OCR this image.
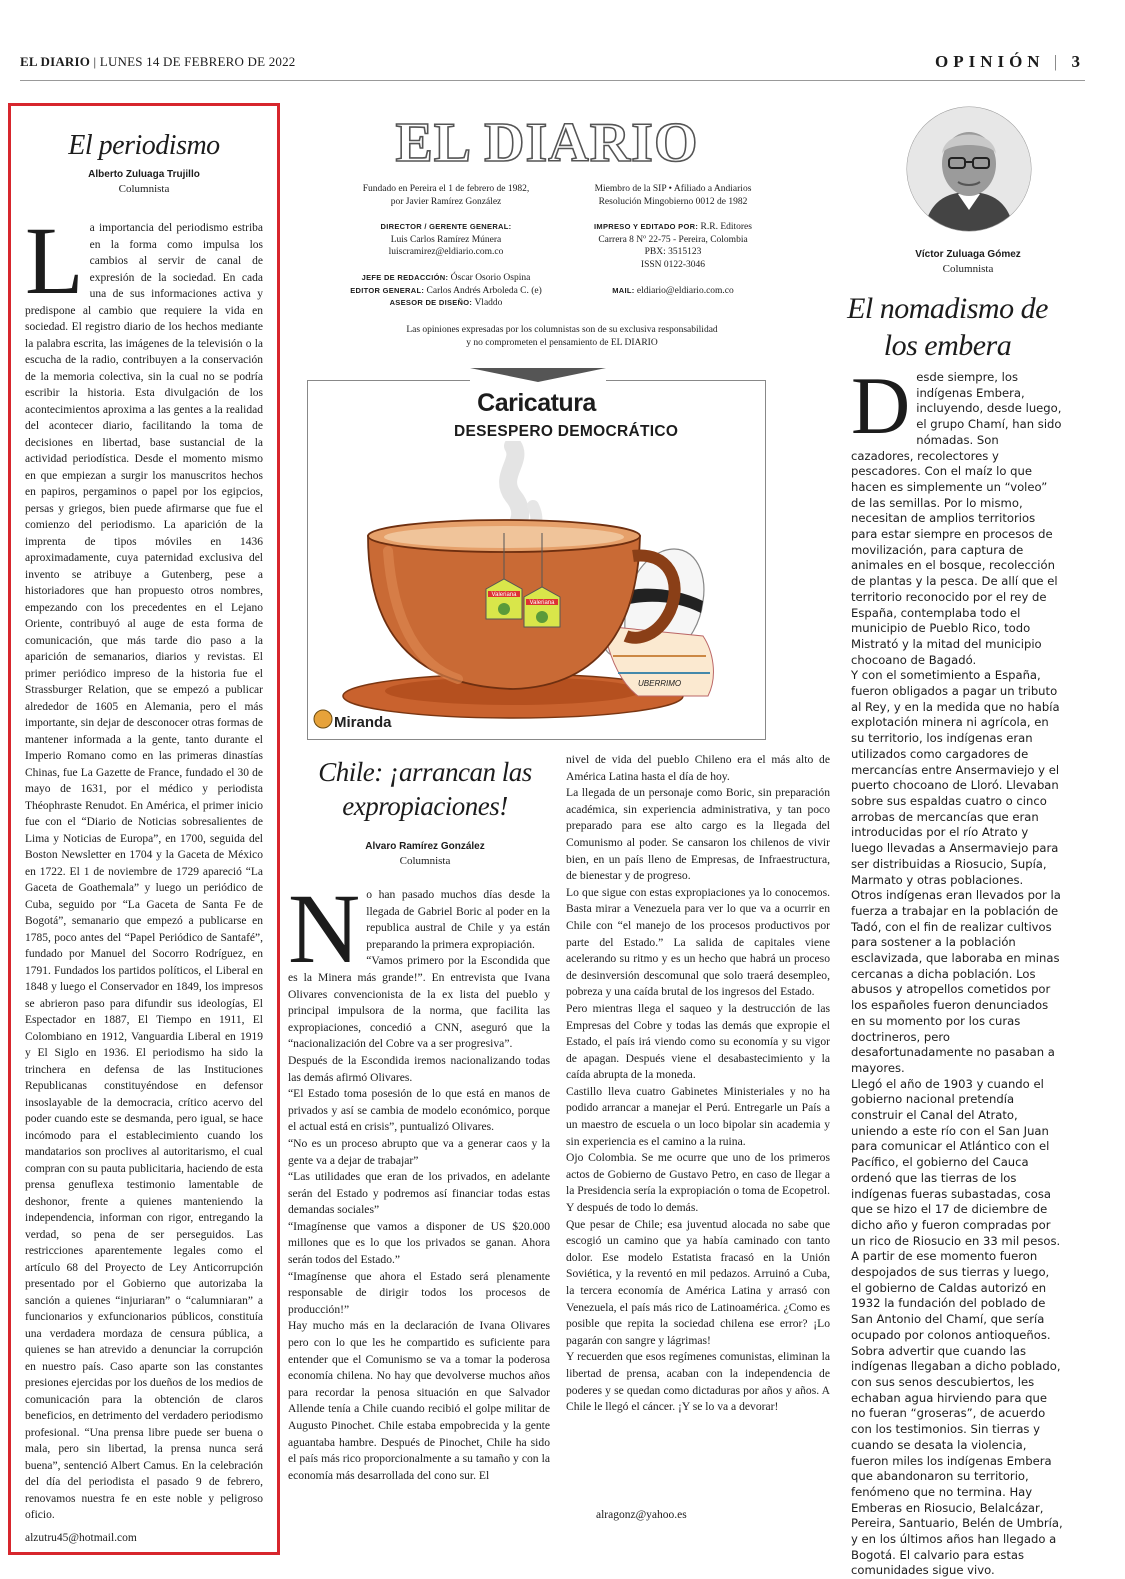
EL DIARIO | LUNES 14 DE FEBRERO DE 2022	OPINIÓN | 3
El periodismo
Alberto Zuluaga Trujillo
Columnista
La importancia del periodismo estriba en la forma como impulsa los cambios al servir de canal de expresión de la sociedad. En cada una de sus informaciones activa y predispone al cambio que requiere la vida en sociedad. El registro diario de los hechos mediante la palabra escrita, las imágenes de la televisión o la escucha de la radio, contribuyen a la conservación de la memoria colectiva, sin la cual no se podría escribir la historia. Esta divulgación de los acontecimientos aproxima a las gentes a la realidad del acontecer diario, facilitando la toma de decisiones en libertad, base sustancial de la actividad periodística. Desde el momento mismo en que empiezan a surgir los manuscritos hechos en papiros, pergaminos o papel por los egipcios, persas y griegos, bien puede afirmarse que fue el comienzo del periodismo. La aparición de la imprenta de tipos móviles en 1436 aproximadamente, cuya paternidad exclusiva del invento se atribuye a Gutenberg, pese a historiadores que han propuesto otros nombres, empezando con los precedentes en el Lejano Oriente, contribuyó al auge de esta forma de comunicación, que más tarde dio paso a la aparición de semanarios, diarios y revistas. El primer periódico impreso de la historia fue el Strassburger Relation, que se empezó a publicar alrededor de 1605 en Alemania, pero el más importante, sin dejar de desconocer otras formas de mantener informada a la gente, tanto durante el Imperio Romano como en las primeras dinastías Chinas, fue La Gazette de France, fundado el 30 de mayo de 1631, por el médico y periodista Théophraste Renudot. En América, el primer inicio fue con el “Diario de Noticias sobresalientes de Lima y Noticias de Europa”, en 1700, seguida del Boston Newsletter en 1704 y la Gaceta de México en 1722. El 1 de noviembre de 1729 apareció “La Gaceta de Goathemala” y luego un periódico de Cuba, seguido por “La Gaceta de Santa Fe de Bogotá”, semanario que empezó a publicarse en 1785, poco antes del “Papel Periódico de Santafé”, fundado por Manuel del Socorro Rodríguez, en 1791. Fundados los partidos políticos, el Liberal en 1848 y luego el Conservador en 1849, los impresos se abrieron paso para difundir sus ideologías, El Espectador en 1887, El Tiempo en 1911, El Colombiano en 1912, Vanguardia Liberal en 1919 y El Siglo en 1936. El periodismo ha sido la trinchera en defensa de las Instituciones Republicanas constituyéndose en defensor insoslayable de la democracia, crítico acervo del poder cuando este se desmanda, pero igual, se hace incómodo para el establecimiento cuando los mandatarios son proclives al autoritarismo, el cual compran con su pauta publicitaria, haciendo de esta prensa genuflexa testimonio lamentable de deshonor, frente a quienes manteniendo la independencia, informan con rigor, entregando la verdad, so pena de ser perseguidos. Las restricciones aparentemente legales como el artículo 68 del Proyecto de Ley Anticorrupción presentado por el Gobierno que autorizaba la sanción a quienes “injuriaran” o “calumniaran” a funcionarios y exfuncionarios públicos, constituía una verdadera mordaza de censura pública, a quienes se han atrevido a denunciar la corrupción en nuestro país. Caso aparte son las constantes presiones ejercidas por los dueños de los medios de comunicación para la obtención de claros beneficios, en detrimento del verdadero periodismo profesional. “Una prensa libre puede ser buena o mala, pero sin libertad, la prensa nunca será buena”, sentenció Albert Camus. En la celebración del día del periodista el pasado 9 de febrero, renovamos nuestra fe en este noble y peligroso oficio.
alzutru45@hotmail.com
EL DIARIO
Fundado en Pereira el 1 de febrero de 1982,
por Javier Ramírez González
DIRECTOR / GERENTE GENERAL:
Luis Carlos Ramírez Múnera
luiscramirez@eldiario.com.co
JEFE DE REDACCIÓN: Óscar Osorio Ospina
EDITOR GENERAL: Carlos Andrés Arboleda C. (e)
ASESOR DE DISEÑO: Vladdo
Miembro de la SIP • Afiliado a Andiarios
Resolución Mingobierno 0012 de 1982
IMPRESO Y EDITADO POR: R.R. Editores
Carrera 8 Nº 22-75 - Pereira, Colombia
PBX: 3515123
ISSN 0122-3046
MAIL: eldiario@eldiario.com.co
Las opiniones expresadas por los columnistas son de su exclusiva responsabilidad
y no comprometen el pensamiento de EL DIARIO
Caricatura
DESESPERO DEMOCRÁTICO
Valeriana
Valeriana
UBERRIMO
Miranda
Chile: ¡arrancan las
expropiaciones!
Alvaro Ramírez González
Columnista
No han pasado muchos días desde la llegada de Gabriel Boric al poder en la republica austral de Chile y ya están preparando la primera expropiación.
“Vamos primero por la Escondida que es la Minera más grande!”. En entrevista que Ivana Olivares convencionista de la ex lista del pueblo y principal impulsora de la norma, que facilita las expropiaciones, concedió a CNN, aseguró que la “nacionalización del Cobre va a ser progresiva”.
Después de la Escondida iremos nacionalizando todas las demás afirmó Olivares.
“El Estado toma posesión de lo que está en manos de privados y así se cambia de modelo económico, porque el actual está en crisis”, puntualizó Olivares.
“No es un proceso abrupto que va a generar caos y la gente va a dejar de trabajar”
“Las utilidades que eran de los privados, en adelante serán del Estado y podremos así financiar todas estas demandas sociales”
“Imagínense que vamos a disponer de US $20.000 millones que es lo que los privados se ganan. Ahora serán todos del Estado.”
“Imagínense que ahora el Estado será plenamente responsable de dirigir todos los procesos de producción!”
Hay mucho más en la declaración de Ivana Olivares pero con lo que les he compartido es suficiente para entender que el Comunismo se va a tomar la poderosa economía chilena. No hay que devolverse muchos años para recordar la penosa situación en que Salvador Allende tenía a Chile cuando recibió el golpe militar de Augusto Pinochet. Chile estaba empobrecida y la gente aguantaba hambre. Después de Pinochet, Chile ha sido el país más rico proporcionalmente a su tamaño y con la economía más desarrollada del cono sur. El
nivel de vida del pueblo Chileno era el más alto de América Latina hasta el día de hoy.
La llegada de un personaje como Boric, sin preparación académica, sin experiencia administrativa, y tan poco preparado para ese alto cargo es la llegada del Comunismo al poder. Se cansaron los chilenos de vivir bien, en un país lleno de Empresas, de Infraestructura, de bienestar y de progreso.
Lo que sigue con estas expropiaciones ya lo conocemos. Basta mirar a Venezuela para ver lo que va a ocurrir en Chile con “el manejo de los procesos productivos por parte del Estado.” La salida de capitales viene acelerando su ritmo y es un hecho que habrá un proceso de desinversión descomunal que solo traerá desempleo, pobreza y una caída brutal de los ingresos del Estado.
Pero mientras llega el saqueo y la destrucción de las Empresas del Cobre y todas las demás que expropie el Estado, el país irá viendo como su economía y su vigor de apagan. Después viene el desabastecimiento y la caída abrupta de la moneda.
Castillo lleva cuatro Gabinetes Ministeriales y no ha podido arrancar a manejar el Perú. Entregarle un País a un maestro de escuela o un loco bipolar sin academia y sin experiencia es el camino a la ruina.
Ojo Colombia. Se me ocurre que uno de los primeros actos de Gobierno de Gustavo Petro, en caso de llegar a la Presidencia sería la expropiación o toma de Ecopetrol. Y después de todo lo demás.
Que pesar de Chile; esa juventud alocada no sabe que escogió un camino que ya había caminado con tanto dolor. Ese modelo Estatista fracasó en la Unión Soviética, y la reventó en mil pedazos. Arruinó a Cuba, la tercera economía de América Latina y arrasó con Venezuela, el país más rico de Latinoamérica. ¿Como es posible que repita la sociedad chilena ese error? ¡Lo pagarán con sangre y lágrimas!
Y recuerden que esos regímenes comunistas, eliminan la libertad de prensa, acaban con la independencia de poderes y se quedan como dictaduras por años y años. A Chile le llegó el cáncer. ¡Y se lo va a devorar!
alragonz@yahoo.es
Víctor Zuluaga Gómez
Columnista
El nomadismo de
los embera
Desde siempre, los indígenas Embera, incluyendo, desde luego, el grupo Chamí, han sido nómadas. Son cazadores, recolectores y pescadores. Con el maíz lo que hacen es simplemente un “voleo” de las semillas. Por lo mismo, necesitan de amplios territorios para estar siempre en procesos de movilización, para captura de animales en el bosque, recolección de plantas y la pesca. De allí que el territorio reconocido por el rey de España, contemplaba todo el municipio de Pueblo Rico, todo Mistrató y la mitad del municipio chocoano de Bagadó.
Y con el sometimiento a España, fueron obligados a pagar un tributo al Rey, y en la medida que no había explotación minera ni agrícola, en su territorio, los indígenas eran utilizados como cargadores de mercancías entre Ansermaviejo y el puerto chocoano de Lloró. Llevaban sobre sus espaldas cuatro o cinco arrobas de mercancías que eran introducidas por el río Atrato y luego llevadas a Ansermaviejo para ser distribuidas a Riosucio, Supía, Marmato y otras poblaciones.
Otros indígenas eran llevados por la fuerza a trabajar en la población de Tadó, con el fin de realizar cultivos para sostener a la población esclavizada, que laboraba en minas cercanas a dicha población. Los abusos y atropellos cometidos por los españoles fueron denunciados en su momento por los curas doctrineros, pero desafortunadamente no pasaban a mayores.
Llegó el año de 1903 y cuando el gobierno nacional pretendía construir el Canal del Atrato, uniendo a este río con el San Juan para comunicar el Atlántico con el Pacífico, el gobierno del Cauca ordenó que las tierras de los indígenas fueras subastadas, cosa que se hizo el 17 de diciembre de dicho año y fueron compradas por un rico de Riosucio en 33 mil pesos.
A partir de ese momento fueron despojados de sus tierras y luego, el gobierno de Caldas autorizó en 1932 la fundación del poblado de San Antonio del Chamí, que sería ocupado por colonos antioqueños. Sobra advertir que cuando las indígenas llegaban a dicho poblado, con sus senos descubiertos, les echaban agua hirviendo para que no fueran “groseras”, de acuerdo con los testimonios. Sin tierras y cuando se desata la violencia, fueron miles los indígenas Embera que abandonaron su territorio, fenómeno que no termina. Hay Emberas en Riosucio, Belalcázar, Pereira, Santuario, Belén de Umbría, y en los últimos años han llegado a Bogotá. El calvario para estas comunidades sigue vivo.
